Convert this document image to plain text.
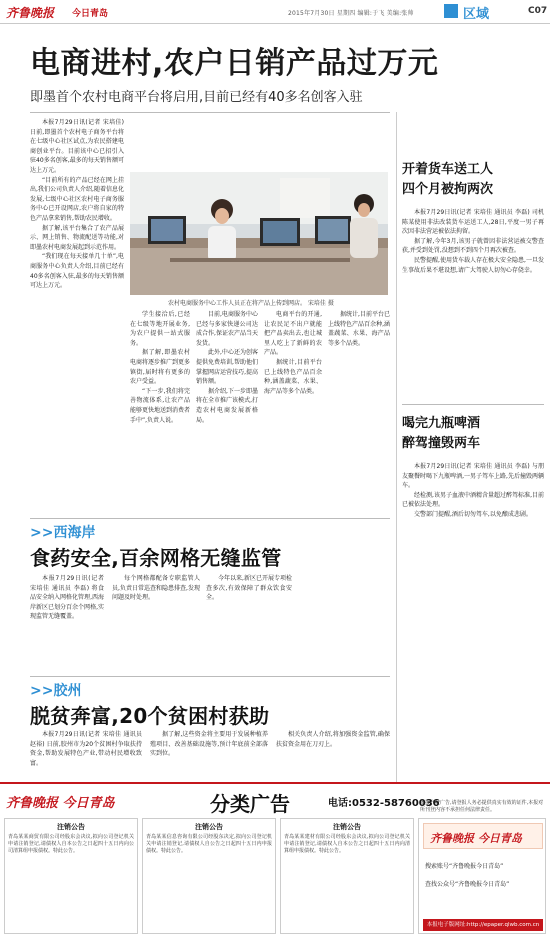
齐鲁晚报 今日青岛	2015年7月30日 星期四 编辑:于飞 美编:张帅	区域	C07
电商进村,农户日销产品过万元
即墨首个农村电商平台将启用,目前已经有40多名创客入驻

本报7月29日讯(记者 宋培佳) 日前,即墨首个农村电子商务平台将在七级中心社区试点,为农民搭建电商创业平台。目前该中心已招引入驻40多名创客,最多的每天销售额可达上万元。

“目前所有的产品已经在网上挂出,我们公司负责人介绍,随着信息化发展,七级中心社区农村电子商务服务中心已开设网店,农户将自家的特色产品拿来销售,帮助农民增收。

据了解,该平台集合了农产品展示、网上销售、物流配送等功能,对即墨农村电商发展起到示范作用。

“我们现在每天接单几十单”,电商服务中心负责人介绍,目前已经有40多名创客入驻,最多的每天销售额可达上万元。

农村电商服务中心工作人员正在将产品上传到网店。 宋培佳 摄

学生接洽后,已经在七级等地开展业务,为农户提供一站式服务。

据了解,即墨农村电商将逐步推广到更多镇街,届时将有更多的农户受益。

“下一步,我们将完善物流体系,让农产品能够更快地送到消费者手中”,负责人说。

目前,电商服务中心已经与多家快递公司达成合作,保证农产品当天发货。

此外,中心还为创客提供免费培训,帮助他们掌握网店运营技巧,提高销售额。

据介绍,下一步即墨将在全市推广该模式,打造农村电商发展新格局。

电商平台的开通,让农民足不出户就能把产品卖出去,也让城里人吃上了新鲜的农产品。

据统计,目前平台已上线特色产品百余种,涵盖蔬菜、水果、海产品等多个品类。

据统计,目前平台已上线特色产品百余种,涵盖蔬菜、水果、海产品等多个品类。

开着货车送工人
四个月被拘两次

本报7月29日讯(记者 宋培佳 通讯员 李磊) 司机陈某使用非法改装货车运送工人,28日,平度一男子再次因非法营运被依法拘留。

据了解,今年3月,该男子就曾因非法营运被交警查获,并受到处罚,没想到不到四个月再次被查。

民警提醒,使用货车载人存在极大安全隐患,一旦发生事故后果不堪设想,请广大驾驶人切勿心存侥幸。

喝完九瓶啤酒
醉驾撞毁两车

本报7月29日讯(记者 宋培佳 通讯员 李磊) 与朋友聚餐时喝下九瓶啤酒,一男子驾车上路,先后撞毁两辆车。

经检测,该男子血液中酒精含量超过醉驾标准,目前已被依法处理。

交警部门提醒,酒后切勿驾车,以免酿成悲剧。

>>西海岸
食药安全,百余网格无缝监管

本报7月29日讯(记者 宋培佳 通讯员 李磊) 将食品安全纳入网格化管理,西海岸新区已划分百余个网格,实现监管无缝覆盖。

每个网格都配备专职监管人员,负责日常巡查和隐患排查,发现问题及时处理。

今年以来,新区已开展专项检查多次,有效保障了群众饮食安全。

>>胶州
脱贫奔富,20个贫困村获助

本报7月29日讯(记者 宋培佳 通讯员 赵裕) 日前,胶州市为20个贫困村争取扶持资金,帮助发展特色产业,带动村民增收致富。

据了解,这些资金将主要用于发展种植养殖项目、改善基础设施等,预计年底前全部落实到位。

相关负责人介绍,将加强资金监管,确保扶贫资金用在刀刃上。

齐鲁晚报 今日青岛	分类广告	电话:0532-58760036
本报刊登广告,请登报人务必提供真实有效的证件,本报对所刊登内容不承担任何法律责任。
注销公告
青岛某某商贸有限公司经股东会决议,拟向公司登记机关申请注销登记,请债权人自本公告之日起四十五日内向公司清算组申报债权。特此公告。
注销公告
青岛某某信息咨询有限公司经股东决定,拟向公司登记机关申请注销登记,请债权人自公告之日起四十五日内申报债权。特此公告。
注销公告
青岛某某建材有限公司经股东会决议,拟向公司登记机关申请注销登记,请债权人自本公告之日起四十五日内向清算组申报债权。特此公告。
齐鲁晚报 今日青岛
搜索账号“齐鲁晚报今日青岛”
查找公众号“齐鲁晚报今日青岛”
本报电子版网址:http://epaper.qlwb.com.cn
